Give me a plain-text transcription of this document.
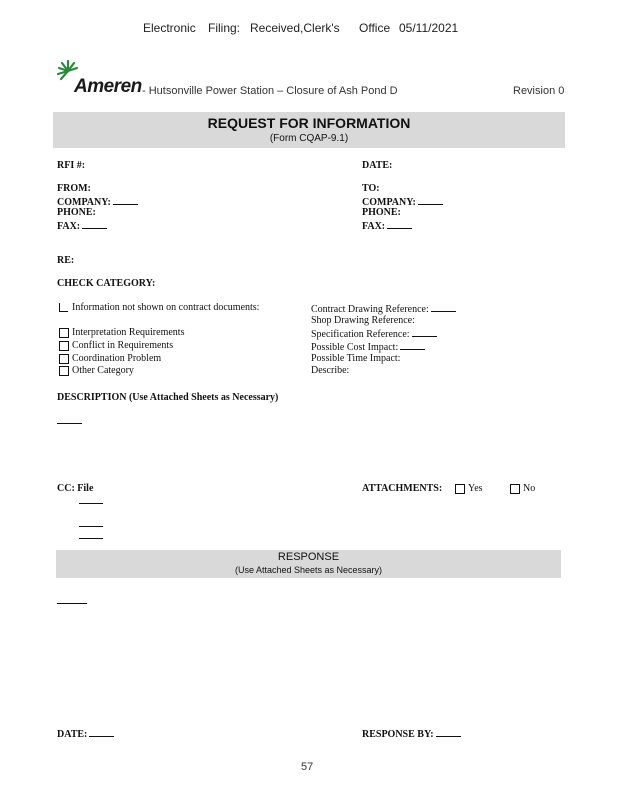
Electronic Filing: Received,Clerk's Office 05/11/2021
Ameren - Hutsonville Power Station – Closure of Ash Pond D	Revision 0
REQUEST FOR INFORMATION
(Form CQAP-9.1)
RFI #:	DATE:
FROM:
COMPANY:
PHONE:
FAX:
TO:
COMPANY:
PHONE:
FAX:
RE:
CHECK CATEGORY:
Information not shown on contract documents:
Interpretation Requirements
Conflict in Requirements
Coordination Problem
Other Category
Contract Drawing Reference:
Shop Drawing Reference:
Specification Reference:
Possible Cost Impact:
Possible Time Impact:
Describe:
DESCRIPTION (Use Attached Sheets as Necessary)
CC: File	ATTACHMENTS:	Yes	No
RESPONSE
(Use Attached Sheets as Necessary)
DATE:	RESPONSE BY:
57
